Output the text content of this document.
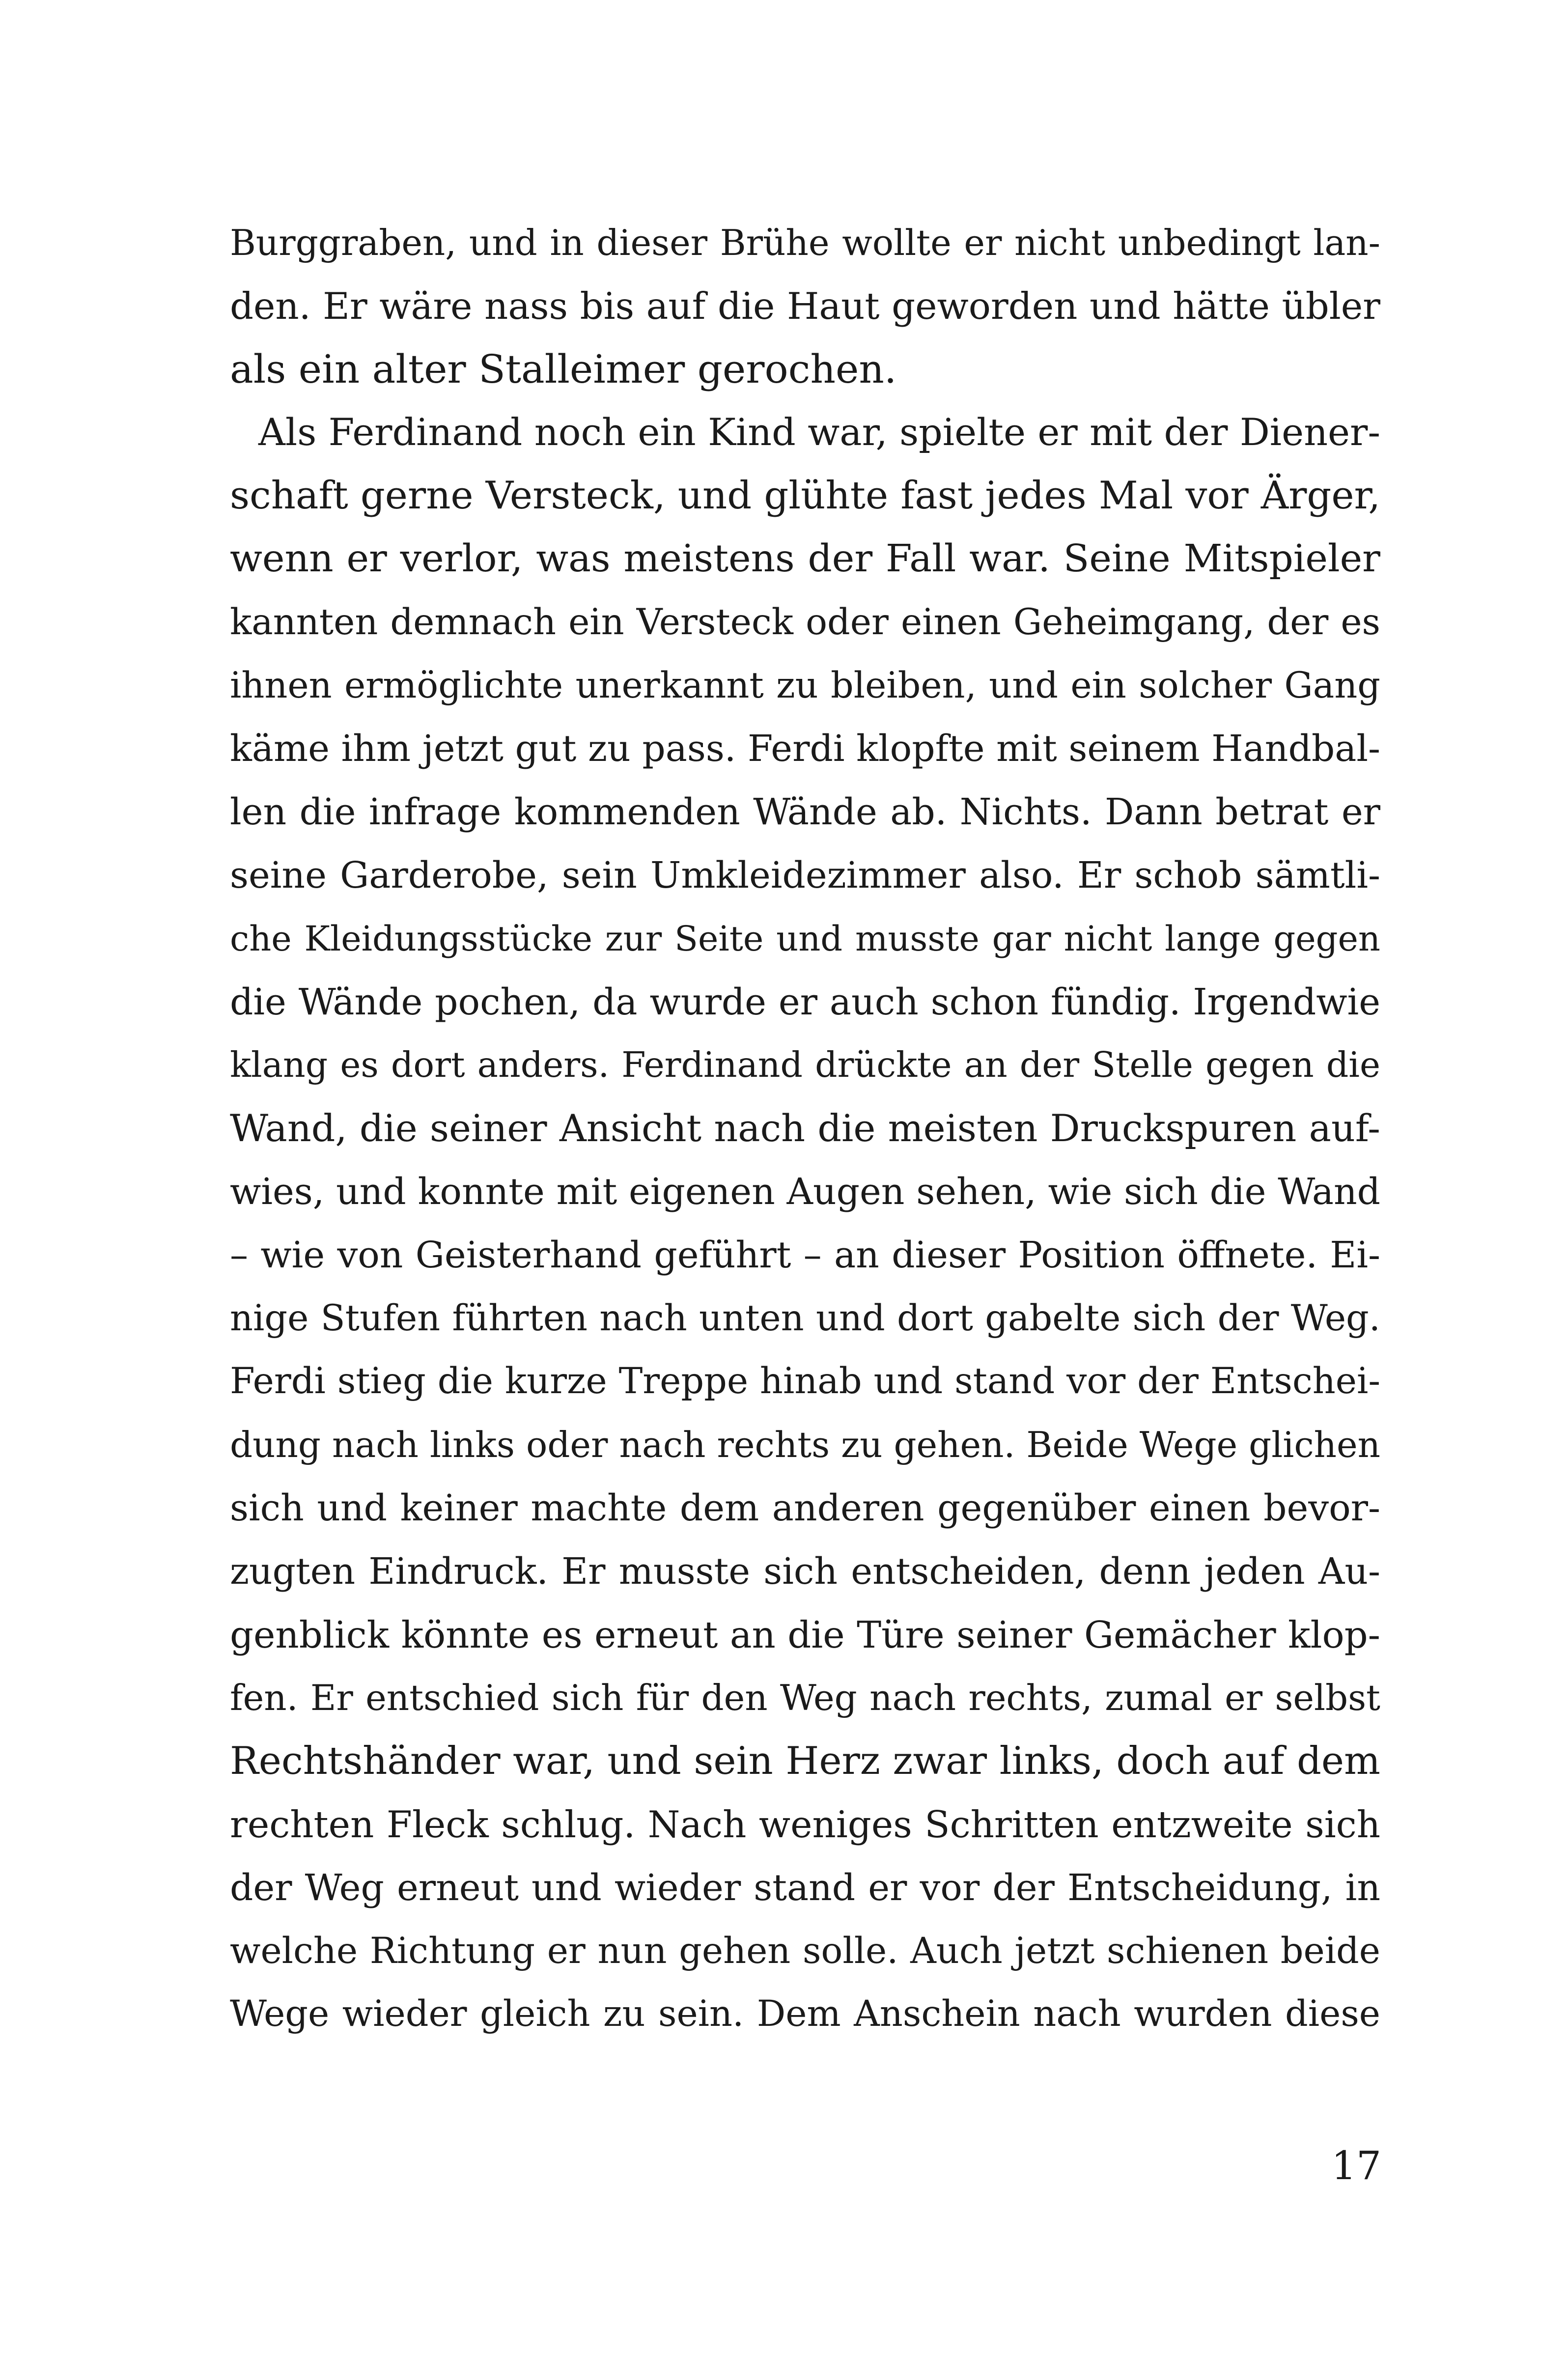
Burggraben, und in dieser Brühe wollte er nicht unbedingt lan-
den. Er wäre nass bis auf die Haut geworden und hätte übler
als ein alter Stalleimer gerochen.
Als Ferdinand noch ein Kind war, spielte er mit der Diener-
schaft gerne Versteck, und glühte fast jedes Mal vor Ärger,
wenn er verlor, was meistens der Fall war. Seine Mitspieler
kannten demnach ein Versteck oder einen Geheimgang, der es
ihnen ermöglichte unerkannt zu bleiben, und ein solcher Gang
käme ihm jetzt gut zu pass. Ferdi klopfte mit seinem Handbal-
len die infrage kommenden Wände ab. Nichts. Dann betrat er
seine Garderobe, sein Umkleidezimmer also. Er schob sämtli-
che Kleidungsstücke zur Seite und musste gar nicht lange gegen
die Wände pochen, da wurde er auch schon fündig. Irgendwie
klang es dort anders. Ferdinand drückte an der Stelle gegen die
Wand, die seiner Ansicht nach die meisten Druckspuren auf-
wies, und konnte mit eigenen Augen sehen, wie sich die Wand
– wie von Geisterhand geführt – an dieser Position öffnete. Ei-
nige Stufen führten nach unten und dort gabelte sich der Weg.
Ferdi stieg die kurze Treppe hinab und stand vor der Entschei-
dung nach links oder nach rechts zu gehen. Beide Wege glichen
sich und keiner machte dem anderen gegenüber einen bevor-
zugten Eindruck. Er musste sich entscheiden, denn jeden Au-
genblick könnte es erneut an die Türe seiner Gemächer klop-
fen. Er entschied sich für den Weg nach rechts, zumal er selbst
Rechtshänder war, und sein Herz zwar links, doch auf dem
rechten Fleck schlug. Nach weniges Schritten entzweite sich
der Weg erneut und wieder stand er vor der Entscheidung, in
welche Richtung er nun gehen solle. Auch jetzt schienen beide
Wege wieder gleich zu sein. Dem Anschein nach wurden diese
17
